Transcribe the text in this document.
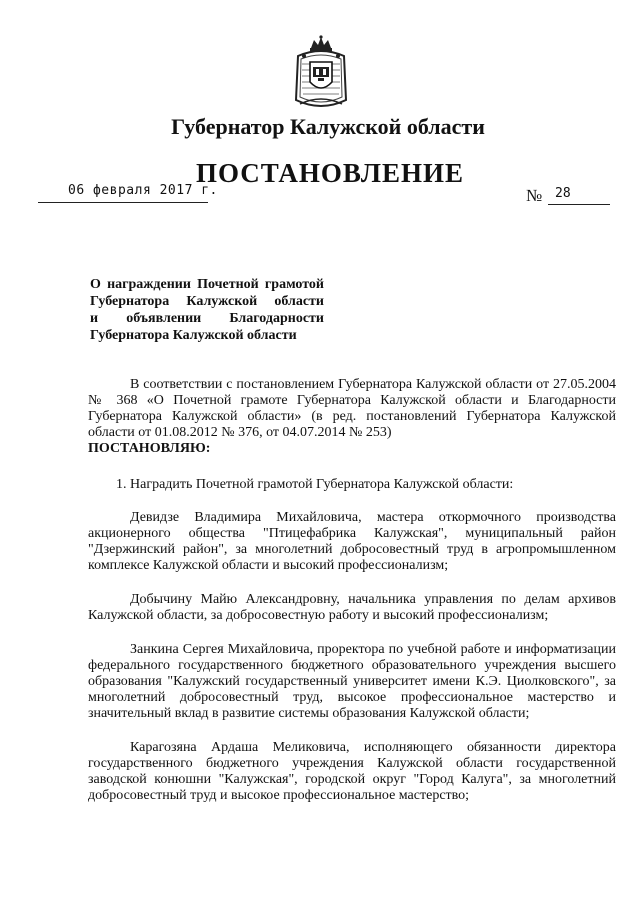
Губернатор Калужской области
ПОСТАНОВЛЕНИЕ
06 февраля 2017 г.	№ 28
О награждении Почетной грамотой
Губернатора Калужской области
и объявлении Благодарности
Губернатора Калужской области

В соответствии с постановлением Губернатора Калужской области от 27.05.2004 № 368 «О Почетной грамоте Губернатора Калужской области и Благодарности Губернатора Калужской области» (в ред. постановлений Губернатора Калужской области от 01.08.2012 № 376, от 04.07.2014 № 253)

ПОСТАНОВЛЯЮ:

1. Наградить Почетной грамотой Губернатора Калужской области:

Девидзе Владимира Михайловича, мастера откормочного производства акционерного общества "Птицефабрика Калужская", муниципальный район "Дзержинский район", за многолетний добросовестный труд в агропромышленном комплексе Калужской области и высокий профессионализм;

Добычину Майю Александровну, начальника управления по делам архивов Калужской области, за добросовестную работу и высокий профессионализм;

Занкина Сергея Михайловича, проректора по учебной работе и информатизации федерального государственного бюджетного образовательного учреждения высшего образования "Калужский государственный университет имени К.Э. Циолковского", за многолетний добросовестный труд, высокое профессиональное мастерство и значительный вклад в развитие системы образования Калужской области;

Карагозяна Ардаша Меликовича, исполняющего обязанности директора государственного бюджетного учреждения Калужской области государственной заводской конюшни "Калужская", городской округ "Город Калуга", за многолетний добросовестный труд и высокое профессиональное мастерство;
